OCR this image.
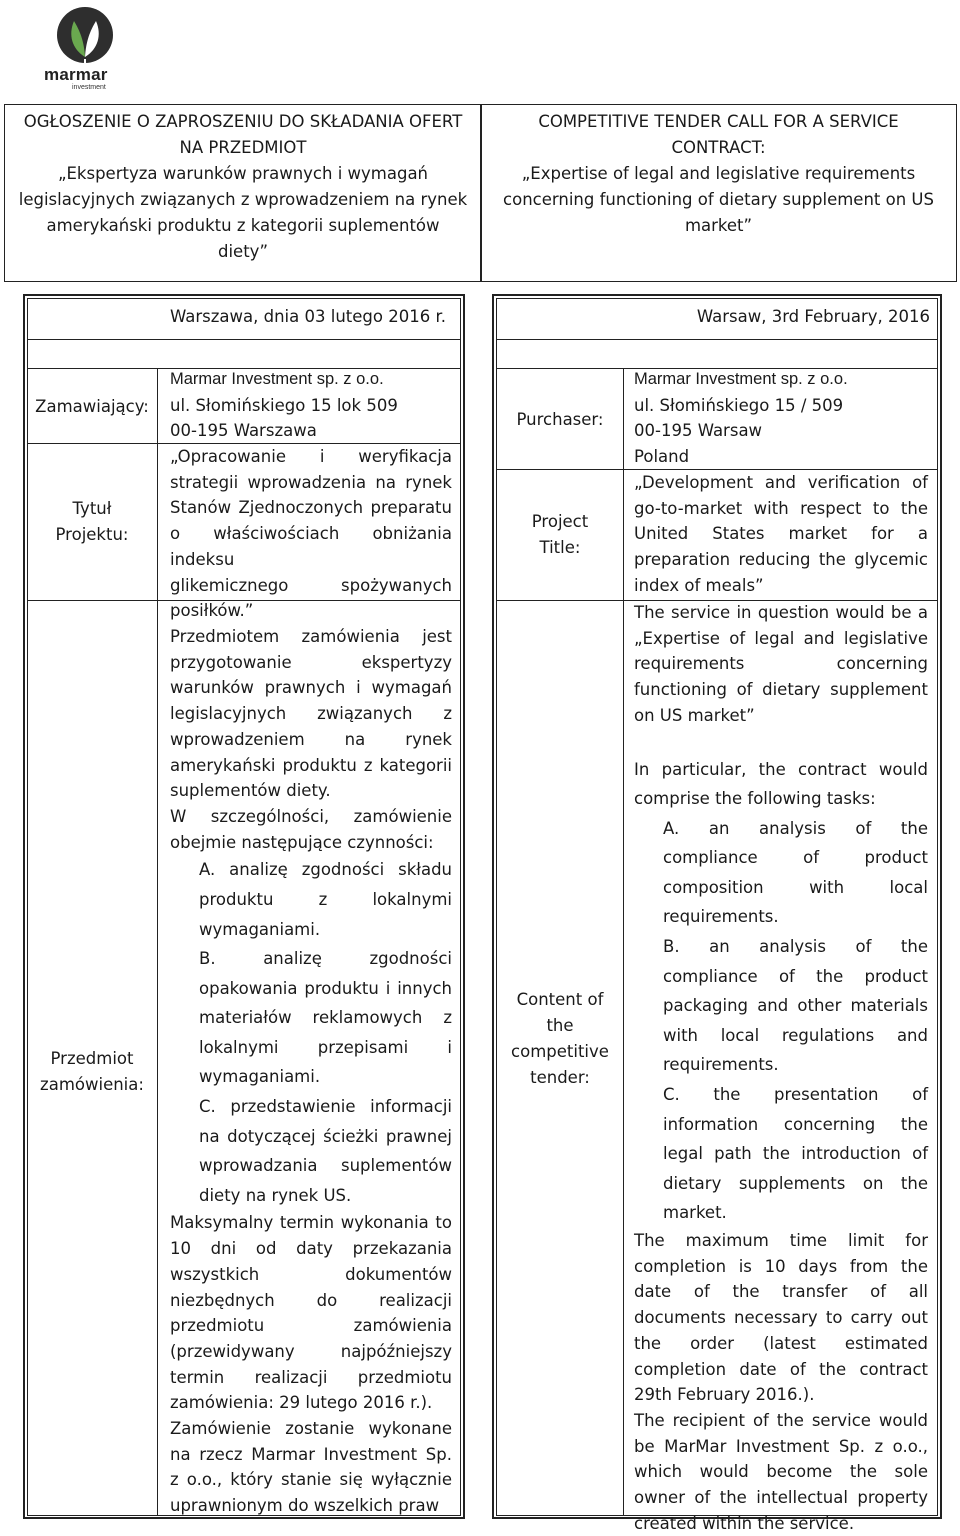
marmar
investment
OGŁOSZENIE O ZAPROSZENIU DO SKŁADANIA OFERT
NA PRZEDMIOT
„Ekspertyza warunków prawnych i wymagań
legislacyjnych związanych z wprowadzeniem na rynek
amerykański produktu z kategorii suplementów
diety”
COMPETITIVE TENDER CALL FOR A SERVICE
CONTRACT:
„Expertise of legal and legislative requirements
concerning functioning of dietary supplement on US
market”
Warszawa, dnia 03 lutego 2016 r.	Warsaw, 3rd February, 2016
Zamawiający:
Tytuł
Projektu:
Przedmiot
zamówienia:
Purchaser:
Project
Title:
Content of
the
competitive
tender:
Marmar Investment sp. z o.o.
ul. Słomińskiego 15 lok 509
00-195 Warszawa

„Opracowanie i weryfikacja strategii wprowadzenia na rynek Stanów Zjednoczonych preparatu o właściwościach obniżania indeksu

glikemicznego spożywanych

posiłków.”

Przedmiotem zamówienia jest przygotowanie ekspertyzy warunków prawnych i wymagań legislacyjnych związanych z wprowadzeniem na rynek amerykański produktu z kategorii suplementów diety.

W szczególności, zamówienie obejmie następujące czynności:

A. analizę zgodności składu produktu z lokalnymi wymaganiami.

B. analizę zgodności opakowania produktu i innych materiałów reklamowych z lokalnymi przepisami i wymaganiami.

C. przedstawienie informacji na dotyczącej ścieżki prawnej wprowadzania suplementów diety na rynek US.

Maksymalny termin wykonania to 10 dni od daty przekazania wszystkich dokumentów niezbędnych do realizacji przedmiotu zamówienia (przewidywany najpóźniejszy termin realizacji przedmiotu zamówienia: 29 lutego 2016 r.).

Zamówienie zostanie wykonane na rzecz Marmar Investment Sp. z o.o., który stanie się wyłącznie uprawnionym do wszelkich praw

Marmar Investment sp. z o.o.
ul. Słomińskiego 15 / 509
00-195 Warsaw
Poland

„Development and verification of go-to-market with respect to the United States market for a preparation reducing the glycemic index of meals”

The service in question would be a „Expertise of legal and legislative requirements concerning functioning of dietary supplement on US market”

In particular, the contract would comprise the following tasks:

A. an analysis of the compliance of product composition with local requirements.

B. an analysis of the compliance of the product packaging and other materials with local regulations and requirements.

C. the presentation of information concerning the legal path the introduction of dietary supplements on the market.

The maximum time limit for completion is 10 days from the date of the transfer of all documents necessary to carry out the order (latest estimated completion date of the contract 29th February 2016.).

The recipient of the service would be MarMar Investment Sp. z o.o., which would become the sole owner of the intellectual property created within the service.
